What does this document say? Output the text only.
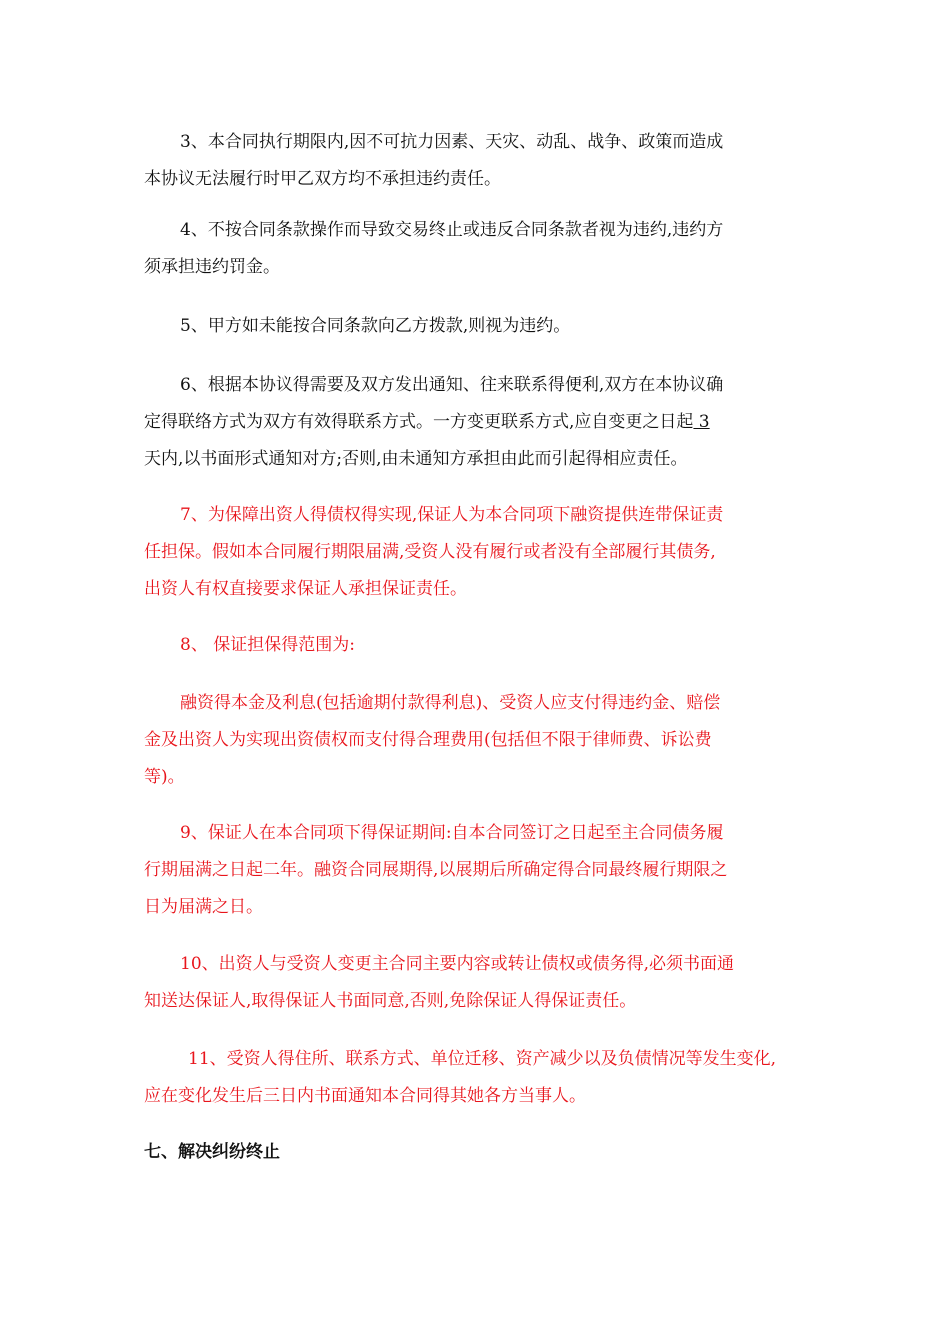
3、本合同执行期限内,因不可抗力因素、天灾、动乱、战争、政策而造成
本协议无法履行时甲乙双方均不承担违约责任。

4、不按合同条款操作而导致交易终止或违反合同条款者视为违约,违约方
须承担违约罚金。

5、甲方如未能按合同条款向乙方拨款,则视为违约。

6、根据本协议得需要及双方发出通知、往来联系得便利,双方在本协议确
定得联络方式为双方有效得联系方式。一方变更联系方式,应自变更之日起 3
天内,以书面形式通知对方;否则,由未通知方承担由此而引起得相应责任。

7、为保障出资人得债权得实现,保证人为本合同项下融资提供连带保证责
任担保。假如本合同履行期限届满,受资人没有履行或者没有全部履行其债务,
出资人有权直接要求保证人承担保证责任。

8、 保证担保得范围为:

融资得本金及利息(包括逾期付款得利息)、受资人应支付得违约金、赔偿
金及出资人为实现出资债权而支付得合理费用(包括但不限于律师费、诉讼费
等)。

9、保证人在本合同项下得保证期间:自本合同签订之日起至主合同债务履
行期届满之日起二年。融资合同展期得,以展期后所确定得合同最终履行期限之
日为届满之日。

10、出资人与受资人变更主合同主要内容或转让债权或债务得,必须书面通
知送达保证人,取得保证人书面同意,否则,免除保证人得保证责任。

11、受资人得住所、联系方式、单位迁移、资产减少以及负债情况等发生变化,
应在变化发生后三日内书面通知本合同得其她各方当事人。

七、解决纠纷终止
